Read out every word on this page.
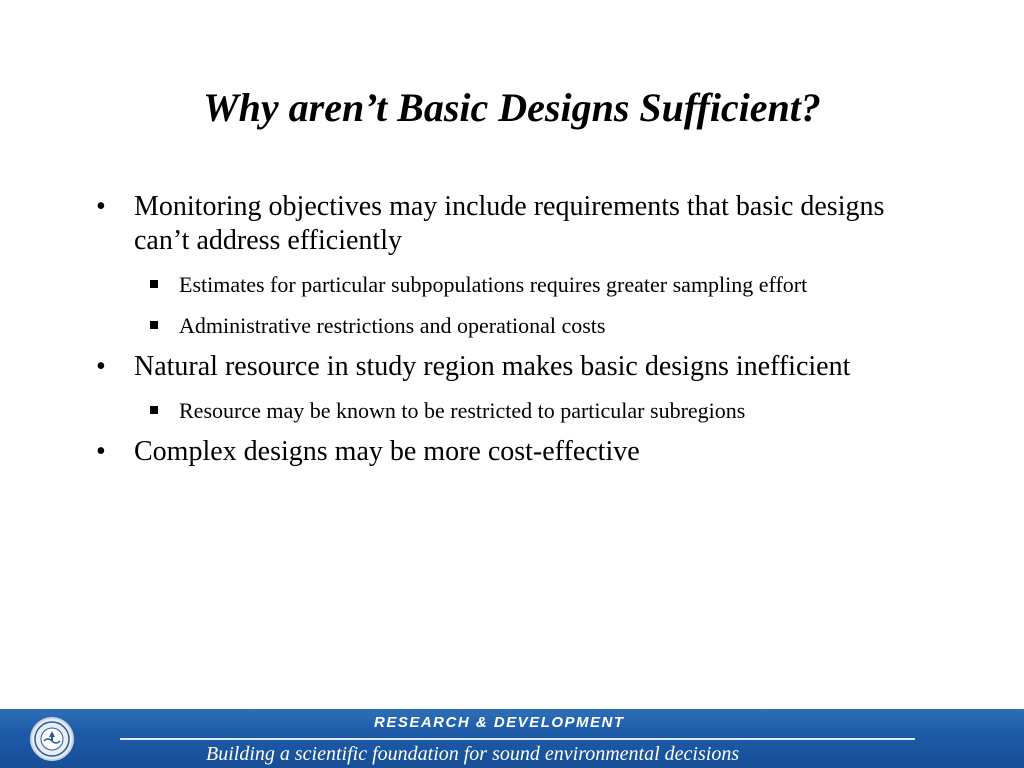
Why aren’t Basic Designs Sufficient?
•	Monitoring objectives may include requirements that basic designs can’t address efficiently
Estimates for particular subpopulations requires greater sampling effort
Administrative restrictions and operational costs
•	Natural resource in study region makes basic designs inefficient
Resource may be known to be restricted to particular subregions
•	Complex designs may be more cost-effective
RESEARCH & DEVELOPMENT
Building a scientific foundation for sound environmental decisions
